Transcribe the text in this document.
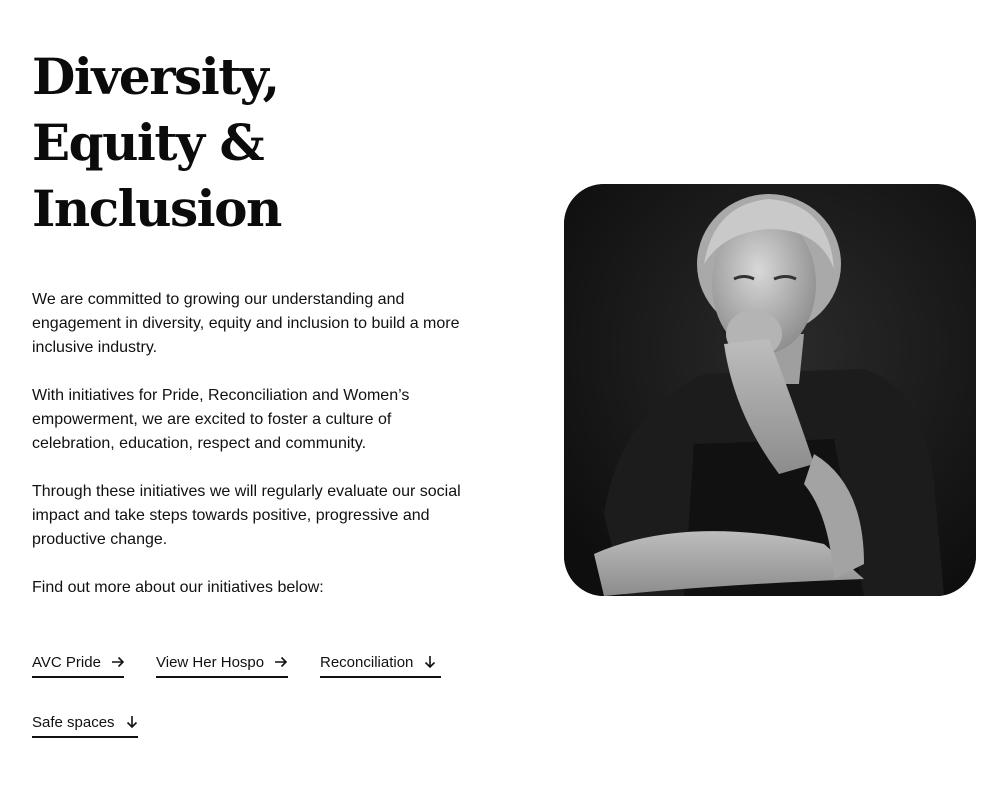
Diversity,
Equity &
Inclusion

We are committed to growing our understanding and engagement in diversity, equity and inclusion to build a more inclusive industry.

With initiatives for Pride, Reconciliation and Women’s empowerment, we are excited to foster a culture of celebration, education, respect and community.

Through these initiatives we will regularly evaluate our social impact and take steps towards positive, progressive and productive change.

Find out more about our initiatives below:

AVC Pride	View Her Hospo	Reconciliation
Safe spaces
